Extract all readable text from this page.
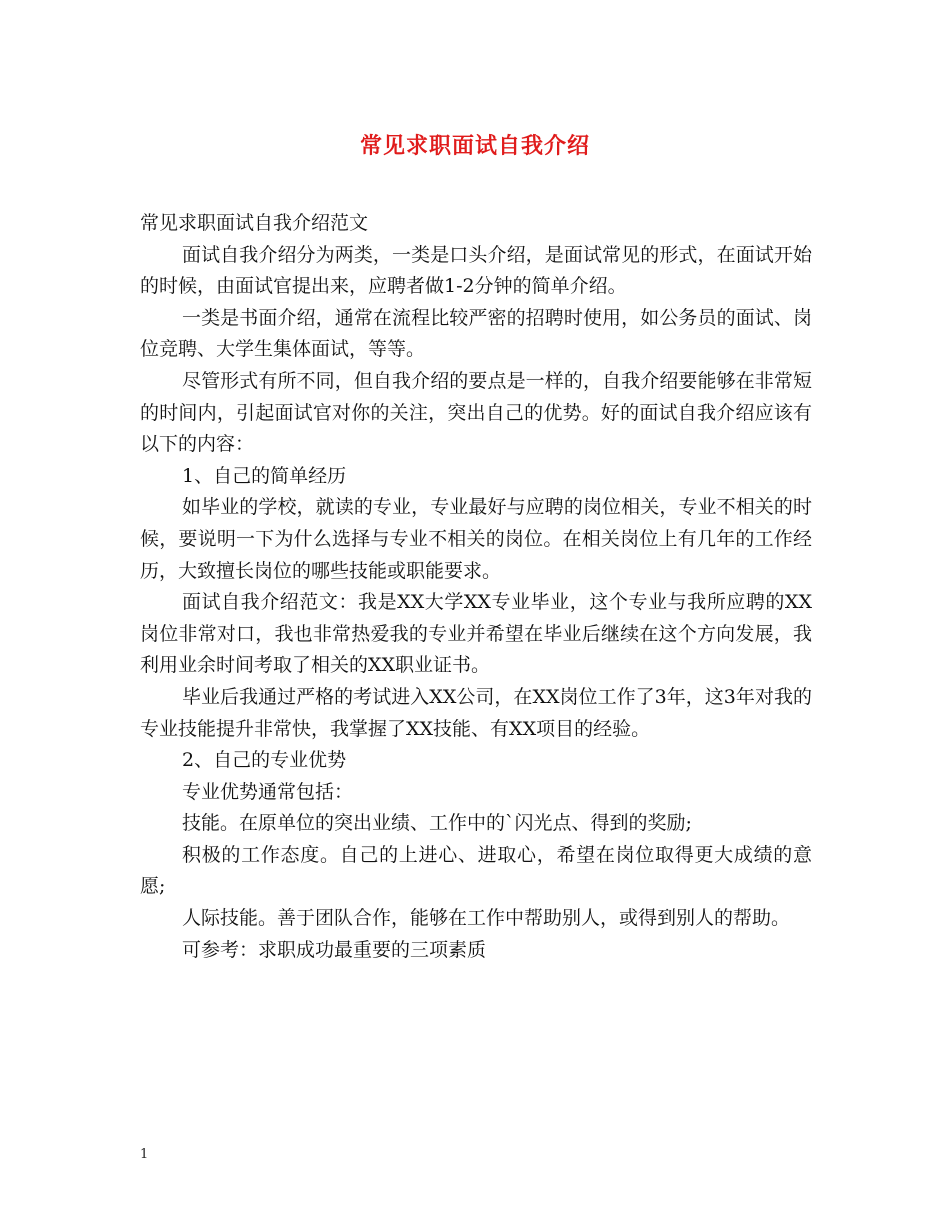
常见求职面试自我介绍

常见求职面试自我介绍范文

面试自我介绍分为两类，一类是口头介绍，是面试常见的形式，在面试开始的时候，由面试官提出来，应聘者做1-2分钟的简单介绍。

一类是书面介绍，通常在流程比较严密的招聘时使用，如公务员的面试、岗位竞聘、大学生集体面试，等等。

尽管形式有所不同，但自我介绍的要点是一样的，自我介绍要能够在非常短的时间内，引起面试官对你的关注，突出自己的优势。好的面试自我介绍应该有以下的内容：

1、自己的简单经历

如毕业的学校，就读的专业，专业最好与应聘的岗位相关，专业不相关的时候，要说明一下为什么选择与专业不相关的岗位。在相关岗位上有几年的工作经历，大致擅长岗位的哪些技能或职能要求。

面试自我介绍范文：我是XX大学XX专业毕业，这个专业与我所应聘的XX岗位非常对口，我也非常热爱我的专业并希望在毕业后继续在这个方向发展，我利用业余时间考取了相关的XX职业证书。

毕业后我通过严格的考试进入XX公司，在XX岗位工作了3年，这3年对我的专业技能提升非常快，我掌握了XX技能、有XX项目的经验。

2、自己的专业优势

专业优势通常包括：

技能。在原单位的突出业绩、工作中的`闪光点、得到的奖励;

积极的工作态度。自己的上进心、进取心，希望在岗位取得更大成绩的意愿;

人际技能。善于团队合作，能够在工作中帮助别人，或得到别人的帮助。

可参考：求职成功最重要的三项素质

1
